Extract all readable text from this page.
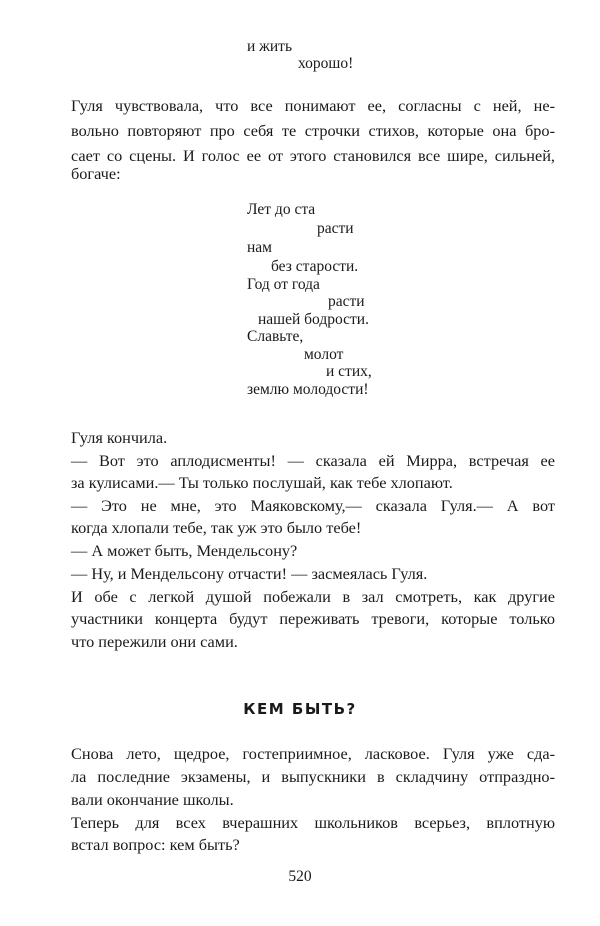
и жить
хорошо!
Гуля чувствовала, что все понимают ее, согласны с ней, не-
вольно повторяют про себя те строчки стихов, которые она бро-
сает со сцены. И голос ее от этого становился все шире, сильней,
богаче:
Лет до ста
расти
нам
без старости.
Год от года
расти
нашей бодрости.
Славьте,
молот
и стих,
землю молодости!
Гуля кончила.
— Вот это аплодисменты! — сказала ей Мирра, встречая ее
за кулисами.— Ты только послушай, как тебе хлопают.
— Это не мне, это Маяковскому,— сказала Гуля.— А вот
когда хлопали тебе, так уж это было тебе!
— А может быть, Мендельсону?
— Ну, и Мендельсону отчасти! — засмеялась Гуля.
И обе с легкой душой побежали в зал смотреть, как другие
участники концерта будут переживать тревоги, которые только
что пережили они сами.
КЕМ БЫТЬ?
Снова лето, щедрое, гостеприимное, ласковое. Гуля уже сда-
ла последние экзамены, и выпускники в складчину отпраздно-
вали окончание школы.
Теперь для всех вчерашних школьников всерьез, вплотную
встал вопрос: кем быть?
520
